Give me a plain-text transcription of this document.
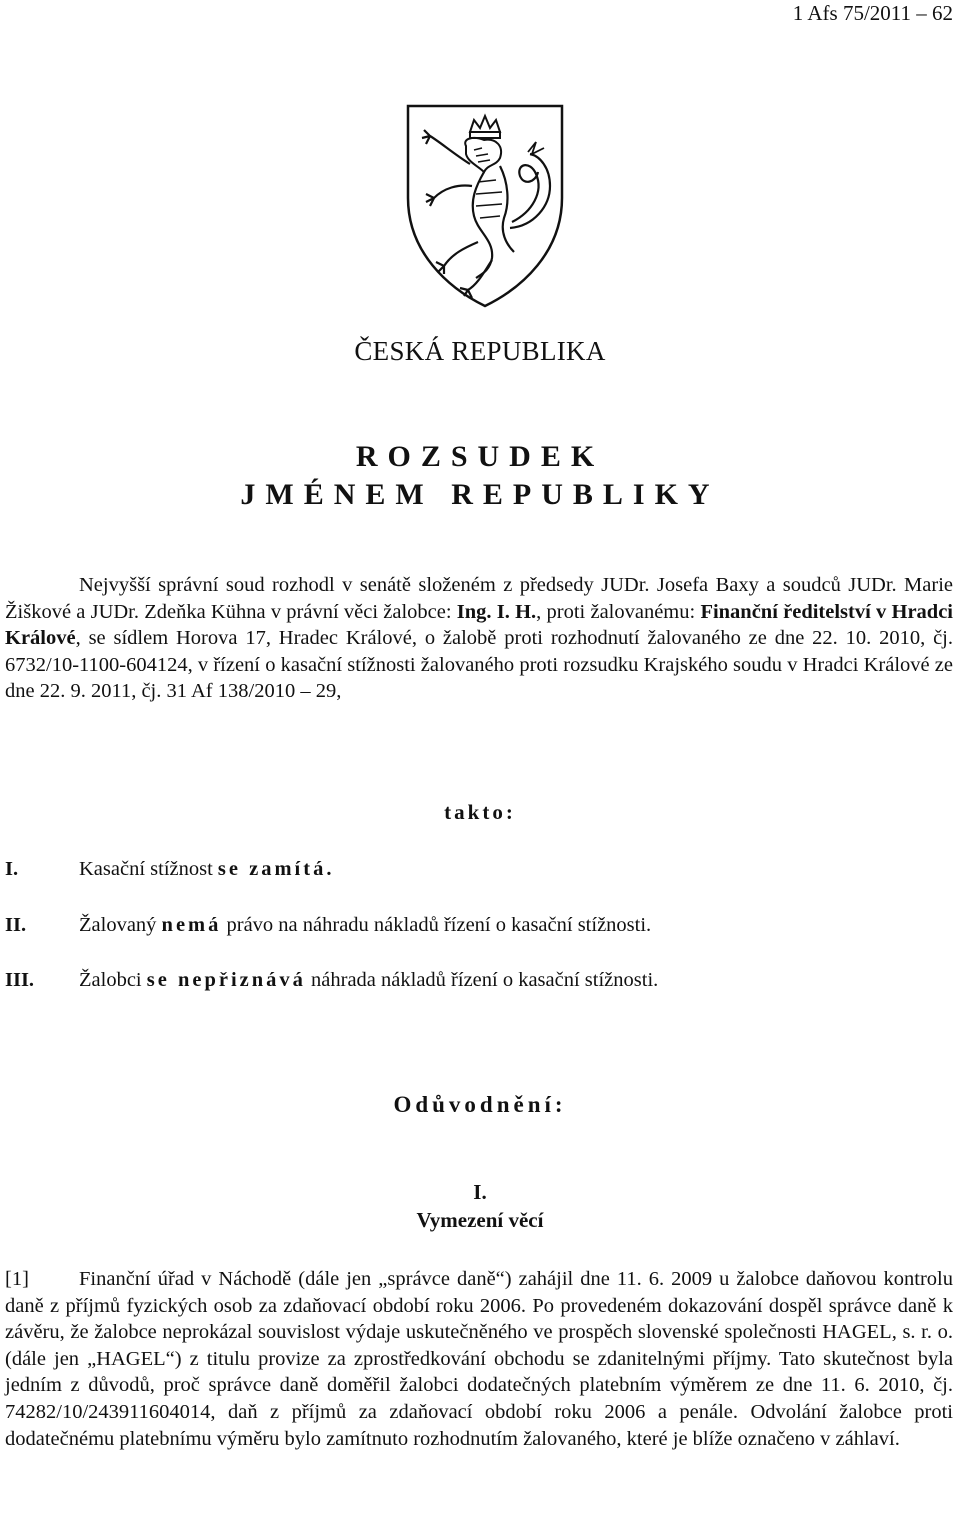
1 Afs 75/2011 – 62
ČESKÁ REPUBLIKA
ROZSUDEK
JMÉNEM REPUBLIKY

Nejvyšší správní soud rozhodl v senátě složeném z předsedy JUDr. Josefa Baxy a soudců JUDr. Marie Žiškové a JUDr. Zdeňka Kühna v právní věci žalobce: Ing. I. H., proti žalovanému: Finanční ředitelství v Hradci Králové, se sídlem Horova 17, Hradec Králové, o žalobě proti rozhodnutí žalovaného ze dne 22. 10. 2010, čj. 6732/10-1100-604124, v řízení o kasační stížnosti žalovaného proti rozsudku Krajského soudu v Hradci Králové ze dne 22. 9. 2011, čj. 31 Af 138/2010 – 29,

takto:
I.	Kasační stížnost se zamítá.
II.	Žalovaný nemá právo na náhradu nákladů řízení o kasační stížnosti.
III. Žalobci se nepřiznává náhrada nákladů řízení o kasační stížnosti.
Odůvodnění:
I.
Vymezení věcí
[1] Finanční úřad v Náchodě (dále jen „správce daně“) zahájil dne 11. 6. 2009 u žalobce daňovou kontrolu daně z příjmů fyzických osob za zdaňovací období roku 2006. Po provedeném dokazování dospěl správce daně k závěru, že žalobce neprokázal souvislost výdaje uskutečněného ve prospěch slovenské společnosti HAGEL, s. r. o. (dále jen „HAGEL“) z titulu provize za zprostředkování obchodu se zdanitelnými příjmy. Tato skutečnost byla jedním z důvodů, proč správce daně doměřil žalobci dodatečných platebním výměrem ze dne 11. 6. 2010, čj. 74282/10/243911604014, daň z příjmů za zdaňovací období roku 2006 a penále. Odvolání žalobce proti dodatečnému platebnímu výměru bylo zamítnuto rozhodnutím žalovaného, které je blíže označeno v záhlaví.
